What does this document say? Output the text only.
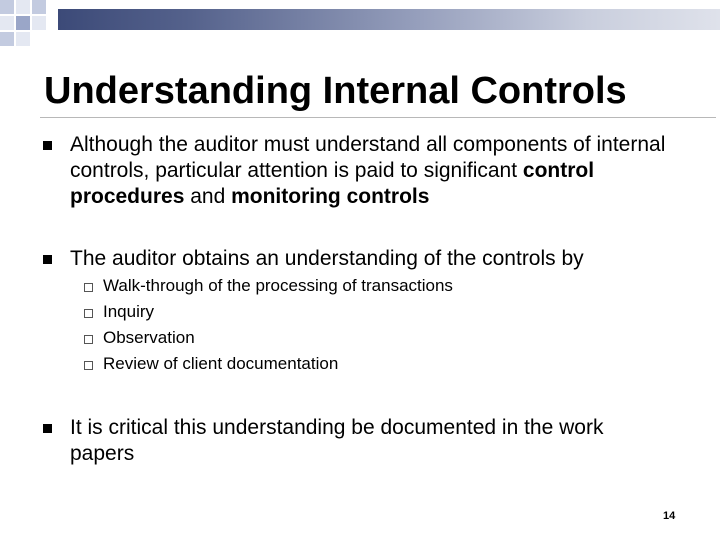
Understanding Internal Controls

Although the auditor must understand all components of internal controls, particular attention is paid to significant control procedures and monitoring controls

The auditor obtains an understanding of the controls by

Walk-through of the processing of transactions

Inquiry

Observation

Review of client documentation

It is critical this understanding be documented in the work papers

14
